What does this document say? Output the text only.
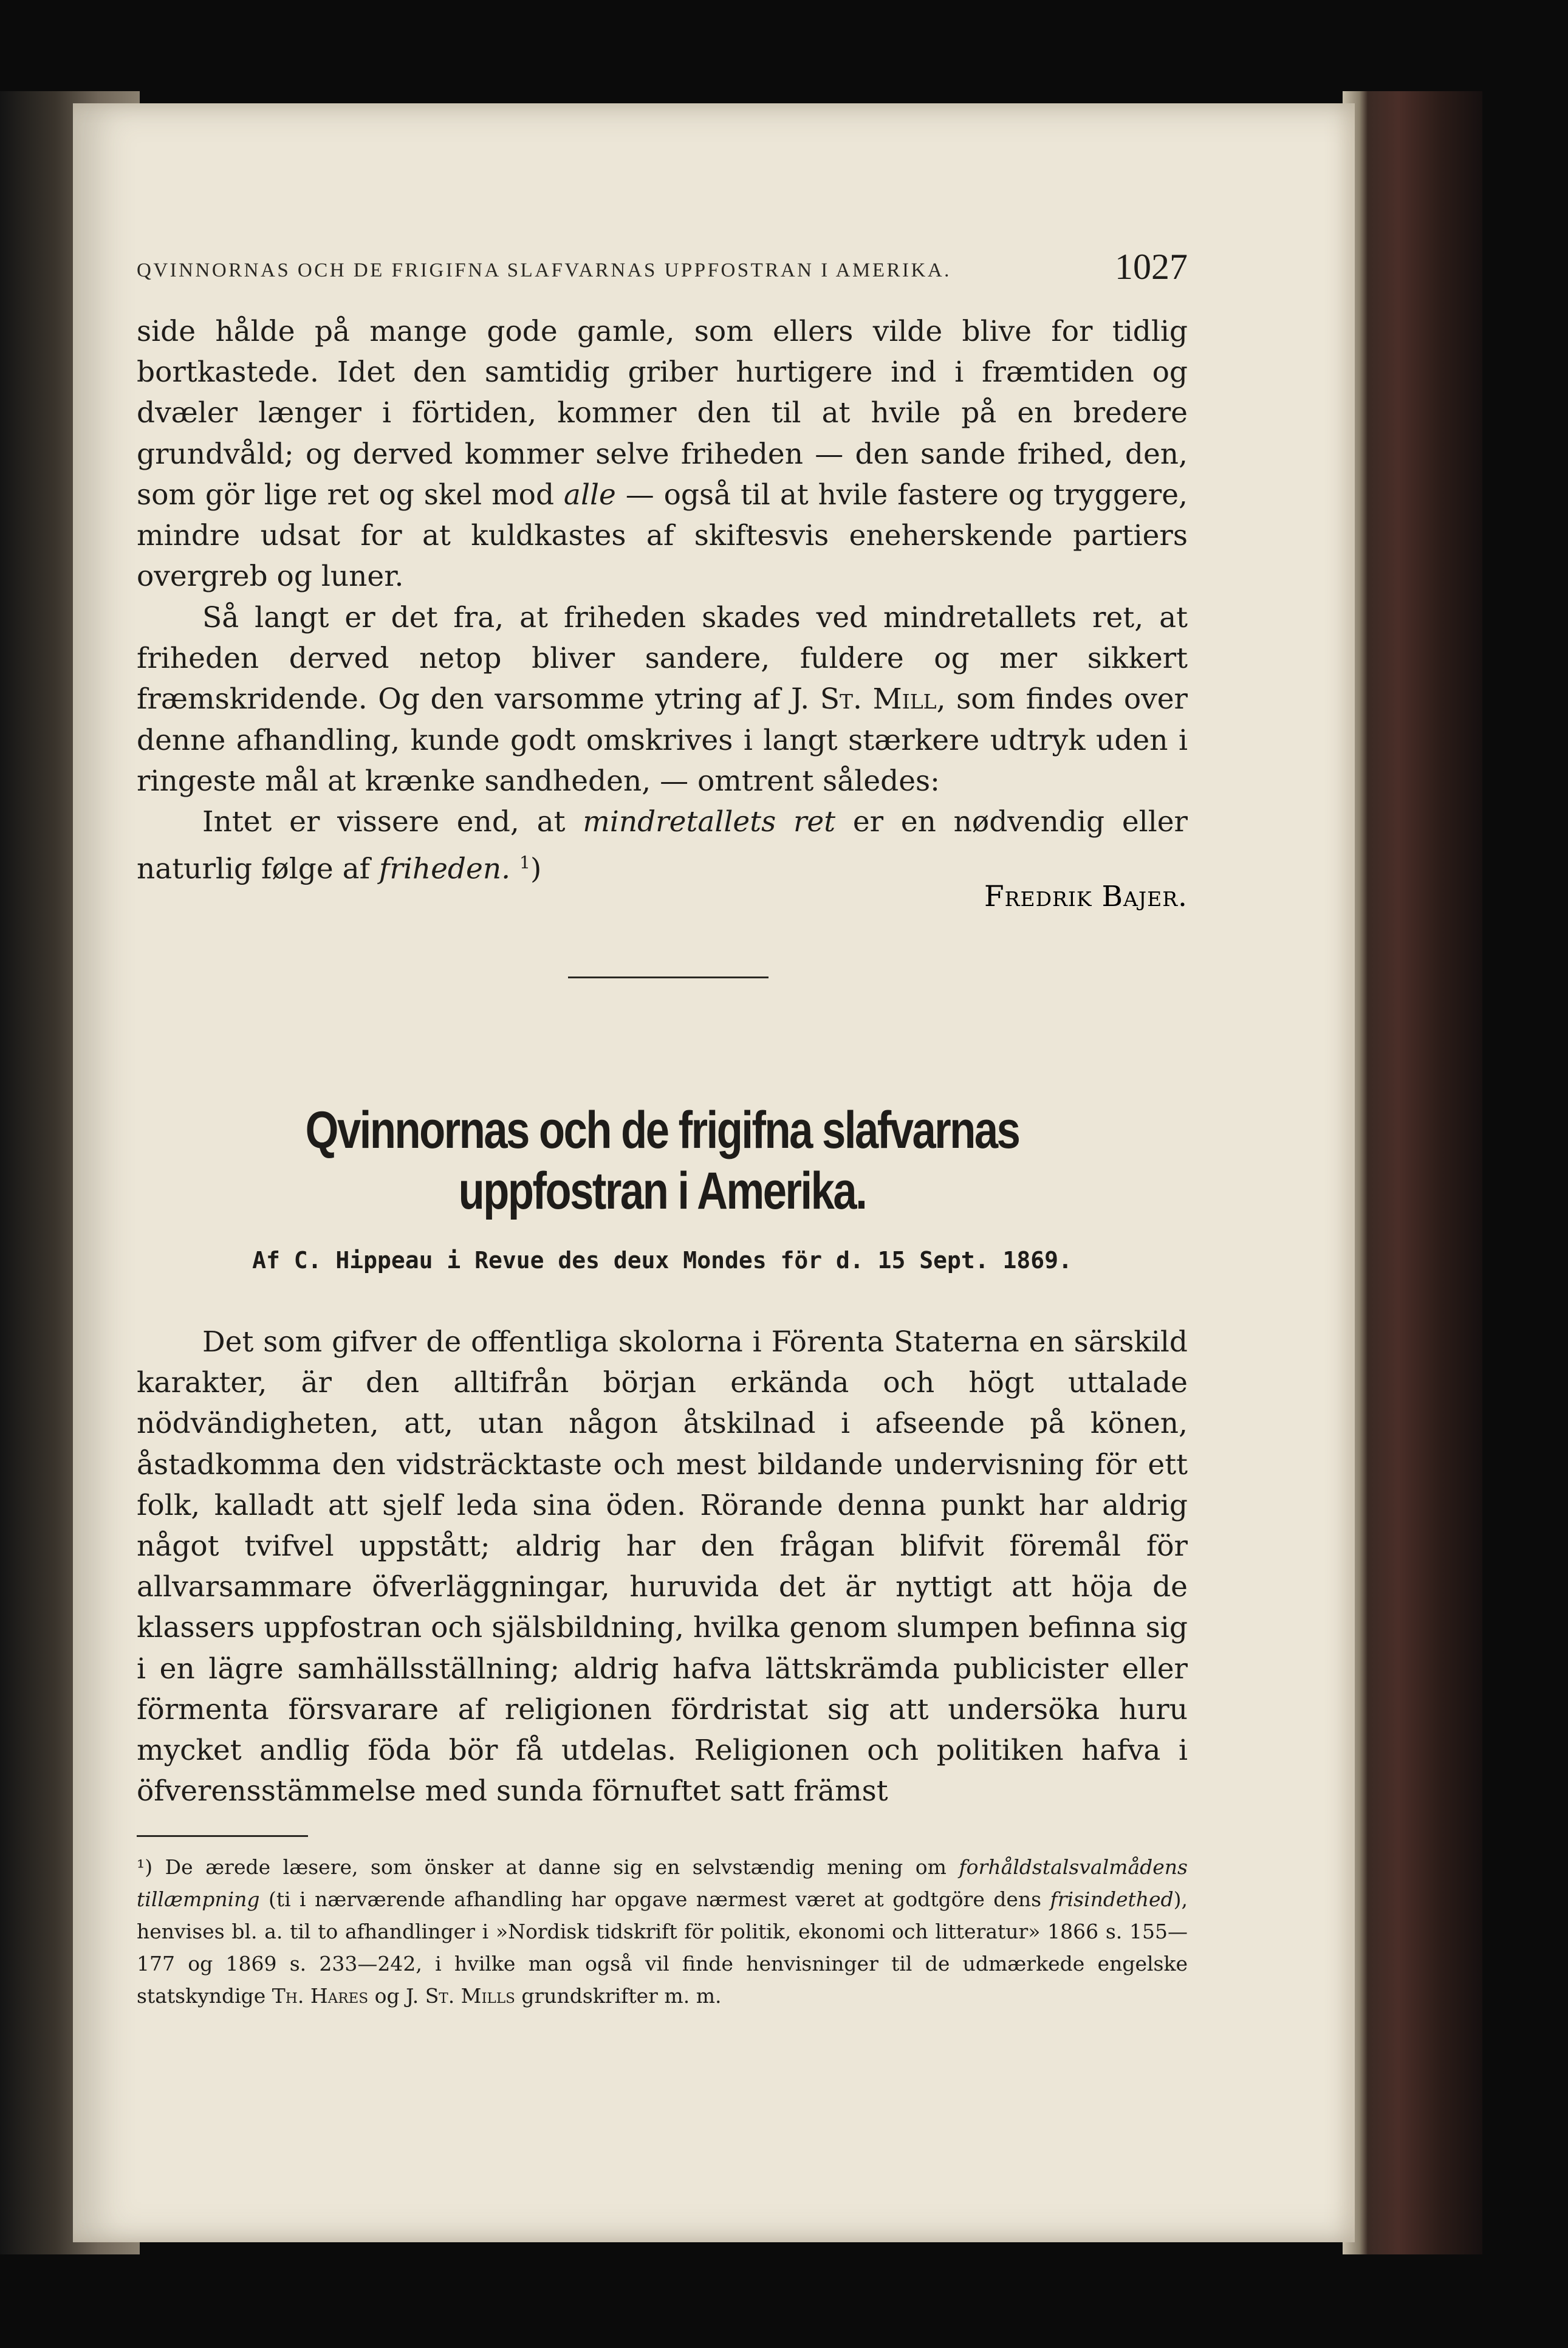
QVINNORNAS OCH DE FRIGIFNA SLAFVARNAS UPPFOSTRAN I AMERIKA.	1027

side hålde på mange gode gamle, som ellers vilde blive for tidlig bortkastede. Idet den samtidig griber hurtigere ind i fræmtiden og dvæler længer i förtiden, kommer den til at hvile på en bredere grundvåld; og derved kommer selve friheden — den sande frihed, den, som gör lige ret og skel mod alle — også til at hvile fastere og tryggere, mindre udsat for at kuldkastes af skiftesvis eneherskende partiers overgreb og luner.

Så langt er det fra, at friheden skades ved mindretallets ret, at friheden derved netop bliver sandere, fuldere og mer sikkert fræmskridende. Og den varsomme ytring af J. St. Mill, som findes over denne afhandling, kunde godt omskrives i langt stærkere udtryk uden i ringeste mål at krænke sandheden, — omtrent således:

Intet er vissere end, at mindretallets ret er en nødvendig eller naturlig følge af friheden. $^1$)

Fredrik Bajer.
Qvinnornas och de frigifna slafvarnas uppfostran i Amerika.
Af C. Hippeau i Revue des deux Mondes för d. 15 Sept. 1869.

Det som gifver de offentliga skolorna i Förenta Staterna en särskild karakter, är den alltifrån början erkända och högt uttalade nödvändigheten, att, utan någon åtskilnad i afseende på könen, åstadkomma den vidsträcktaste och mest bildande undervisning för ett folk, kalladt att sjelf leda sina öden. Rörande denna punkt har aldrig något tvifvel uppstått; aldrig har den frågan blifvit föremål för allvarsammare öfverläggningar, huruvida det är nyttigt att höja de klassers uppfostran och själsbildning, hvilka genom slumpen befinna sig i en lägre samhällsställning; aldrig hafva lättskrämda publicister eller förmenta försvarare af religionen fördristat sig att undersöka huru mycket andlig föda bör få utdelas. Religionen och politiken hafva i öfverensstämmelse med sunda förnuftet satt främst

¹) De ærede læsere, som önsker at danne sig en selvstændig mening om forhåldstalsvalmådens tillæmpning (ti i nærværende afhandling har opgave nærmest været at godtgöre dens frisindethed), henvises bl. a. til to afhandlinger i »Nordisk tidskrift för politik, ekonomi och litteratur» 1866 s. 155—177 og 1869 s. 233—242, i hvilke man også vil finde henvisninger til de udmærkede engelske statskyndige Th. Hares og J. St. Mills grundskrifter m. m.
